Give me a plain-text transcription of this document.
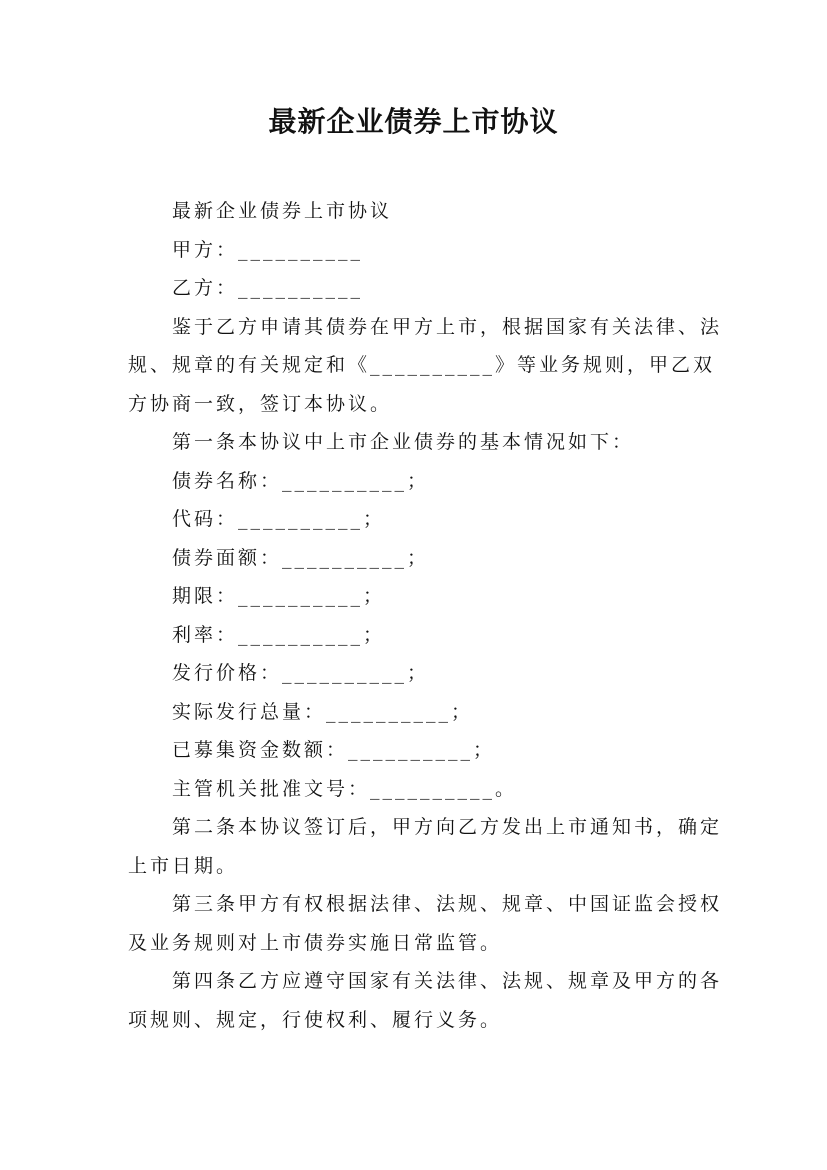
最新企业债券上市协议

最新企业债券上市协议

甲方：__________

乙方：__________

鉴于乙方申请其债券在甲方上市，根据国家有关法律、法规、规章的有关规定和《__________》等业务规则，甲乙双方协商一致，签订本协议。

第一条本协议中上市企业债券的基本情况如下：

债券名称：__________；

代码：__________；

债券面额：__________；

期限：__________；

利率：__________；

发行价格：__________；

实际发行总量：__________；

已募集资金数额：__________；

主管机关批准文号：__________。

第二条本协议签订后，甲方向乙方发出上市通知书，确定上市日期。

第三条甲方有权根据法律、法规、规章、中国证监会授权及业务规则对上市债券实施日常监管。

第四条乙方应遵守国家有关法律、法规、规章及甲方的各项规则、规定，行使权利、履行义务。
